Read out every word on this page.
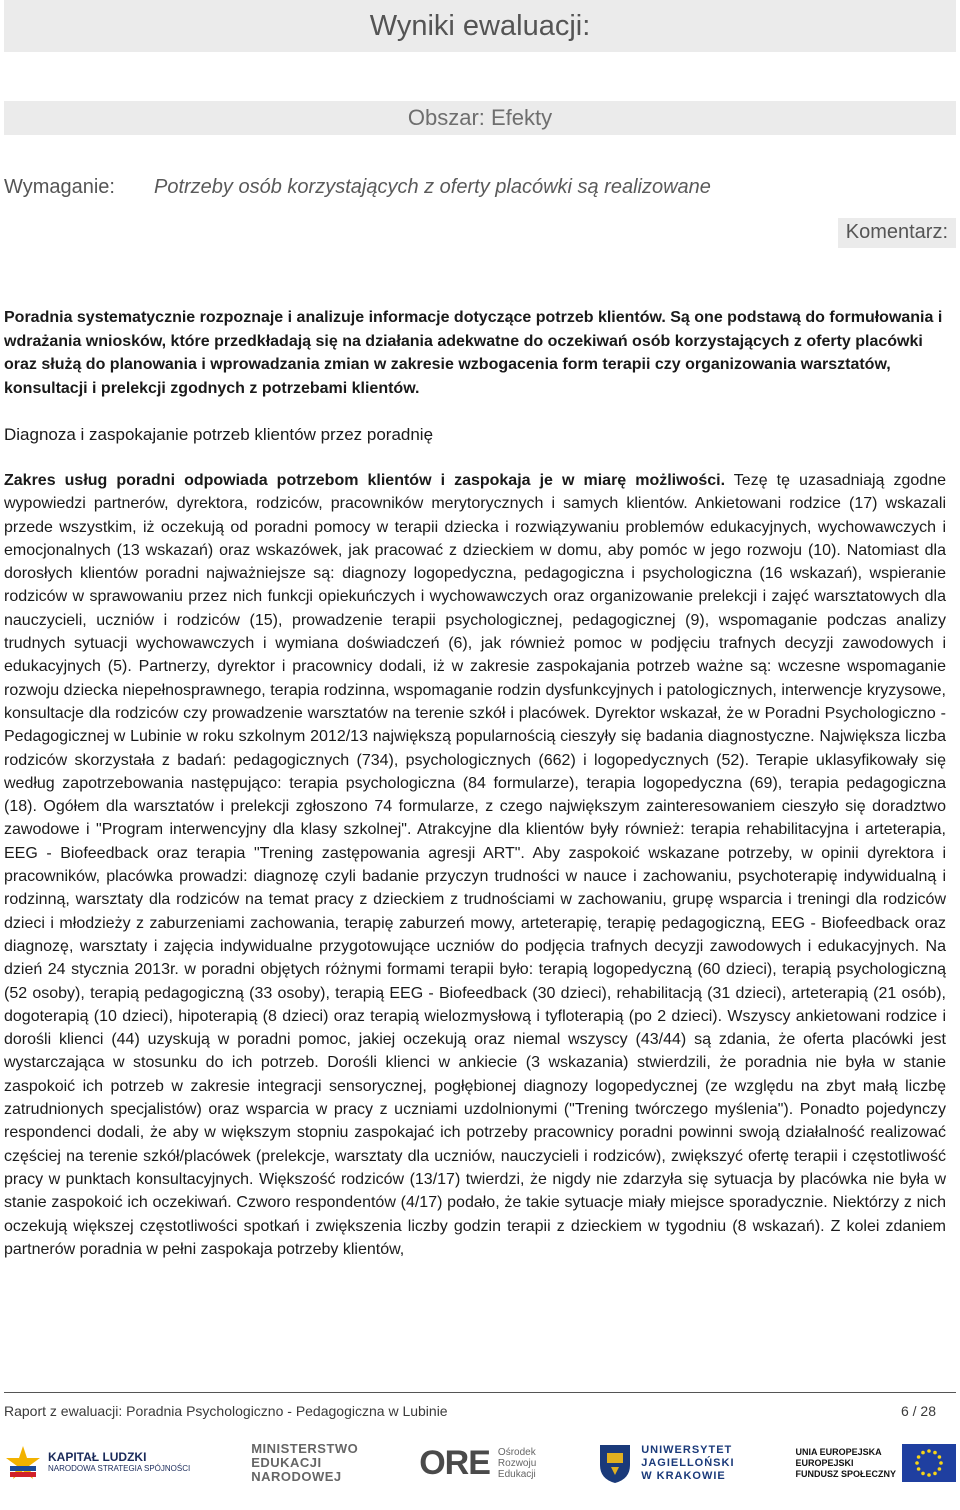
Wyniki ewaluacji:
Obszar: Efekty
Wymaganie:	Potrzeby osób korzystających z oferty placówki są realizowane
Komentarz:

Poradnia systematycznie rozpoznaje i analizuje informacje dotyczące potrzeb klientów. Są one podstawą do formułowania i wdrażania wniosków, które przedkładają się na działania adekwatne do oczekiwań osób korzystających z oferty placówki oraz służą do planowania i wprowadzania zmian w zakresie wzbogacenia form terapii czy organizowania warsztatów, konsultacji i prelekcji zgodnych z potrzebami klientów.

Diagnoza i zaspokajanie potrzeb klientów przez poradnię

Zakres usług poradni odpowiada potrzebom klientów i zaspokaja je w miarę możliwości. Tezę tę uzasadniają zgodne wypowiedzi partnerów, dyrektora, rodziców, pracowników merytorycznych i samych klientów. Ankietowani rodzice (17) wskazali przede wszystkim, iż oczekują od poradni pomocy w terapii dziecka i rozwiązywaniu problemów edukacyjnych, wychowawczych i emocjonalnych (13 wskazań) oraz wskazówek, jak pracować z dzieckiem w domu, aby pomóc w jego rozwoju (10). Natomiast dla dorosłych klientów poradni najważniejsze są: diagnozy logopedyczna, pedagogiczna i psychologiczna (16 wskazań), wspieranie rodziców w sprawowaniu przez nich funkcji opiekuńczych i wychowawczych oraz organizowanie prelekcji i zajęć warsztatowych dla nauczycieli, uczniów i rodziców (15), prowadzenie terapii psychologicznej, pedagogicznej (9), wspomaganie podczas analizy trudnych sytuacji wychowawczych i wymiana doświadczeń (6), jak również pomoc w podjęciu trafnych decyzji zawodowych i edukacyjnych (5). Partnerzy, dyrektor i pracownicy dodali, iż w zakresie zaspokajania potrzeb ważne są: wczesne wspomaganie rozwoju dziecka niepełnosprawnego, terapia rodzinna, wspomaganie rodzin dysfunkcyjnych i patologicznych, interwencje kryzysowe, konsultacje dla rodziców czy prowadzenie warsztatów na terenie szkół i placówek. Dyrektor wskazał, że w Poradni Psychologiczno - Pedagogicznej w Lubinie w roku szkolnym 2012/13 największą popularnością cieszyły się badania diagnostyczne. Największa liczba rodziców skorzystała z badań: pedagogicznych (734), psychologicznych (662) i logopedycznych (52). Terapie uklasyfikowały się według zapotrzebowania następująco: terapia psychologiczna (84 formularze), terapia logopedyczna (69), terapia pedagogiczna (18). Ogółem dla warsztatów i prelekcji zgłoszono 74 formularze, z czego największym zainteresowaniem cieszyło się doradztwo zawodowe i "Program interwencyjny dla klasy szkolnej". Atrakcyjne dla klientów były również: terapia rehabilitacyjna i arteterapia, EEG - Biofeedback oraz terapia "Trening zastępowania agresji ART". Aby zaspokoić wskazane potrzeby, w opinii dyrektora i pracowników, placówka prowadzi: diagnozę czyli badanie przyczyn trudności w nauce i zachowaniu, psychoterapię indywidualną i rodzinną, warsztaty dla rodziców na temat pracy z dzieckiem z trudnościami w zachowaniu, grupę wsparcia i treningi dla rodziców dzieci i młodzieży z zaburzeniami zachowania, terapię zaburzeń mowy, arteterapię, terapię pedagogiczną, EEG - Biofeedback oraz diagnozę, warsztaty i zajęcia indywidualne przygotowujące uczniów do podjęcia trafnych decyzji zawodowych i edukacyjnych. Na dzień 24 stycznia 2013r. w poradni objętych różnymi formami terapii było: terapią logopedyczną (60 dzieci), terapią psychologiczną (52 osoby), terapią pedagogiczną (33 osoby), terapią EEG - Biofeedback (30 dzieci), rehabilitacją (31 dzieci), arteterapią (21 osób), dogoterapią (10 dzieci), hipoterapią (8 dzieci) oraz terapią wielozmysłową i tyfloterapią (po 2 dzieci). Wszyscy ankietowani rodzice i dorośli klienci (44) uzyskują w poradni pomoc, jakiej oczekują oraz niemal wszyscy (43/44) są zdania, że oferta placówki jest wystarczająca w stosunku do ich potrzeb. Dorośli klienci w ankiecie (3 wskazania) stwierdzili, że poradnia nie była w stanie zaspokoić ich potrzeb w zakresie integracji sensorycznej, pogłębionej diagnozy logopedycznej (ze względu na zbyt małą liczbę zatrudnionych specjalistów) oraz wsparcia w pracy z uczniami uzdolnionymi ("Trening twórczego myślenia"). Ponadto pojedynczy respondenci dodali, że aby w większym stopniu zaspokajać ich potrzeby pracownicy poradni powinni swoją działalność realizować częściej na terenie szkół/placówek (prelekcje, warsztaty dla uczniów, nauczycieli i rodziców), zwiększyć ofertę terapii i częstotliwość pracy w punktach konsultacyjnych. Większość rodziców (13/17) twierdzi, że nigdy nie zdarzyła się sytuacja by placówka nie była w stanie zaspokoić ich oczekiwań. Czworo respondentów (4/17) podało, że takie sytuacje miały miejsce sporadycznie. Niektórzy z nich oczekują większej częstotliwości spotkań i zwiększenia liczby godzin terapii z dzieckiem w tygodniu (8 wskazań). Z kolei zdaniem partnerów poradnia w pełni zaspokaja potrzeby klientów,

Raport z ewaluacji: Poradnia Psychologiczno - Pedagogiczna w Lubinie	6 / 28
KAPITAŁ LUDZKI
NARODOWA STRATEGIA SPÓJNOŚCI
MINISTERSTWO
EDUKACJI
NARODOWEJ	ORE Ośrodek
Rozwoju
Edukacji
UNIWERSYTET
JAGIELLOŃSKI
W KRAKOWIE
UNIA EUROPEJSKA
EUROPEJSKI
FUNDUSZ SPOŁECZNY
